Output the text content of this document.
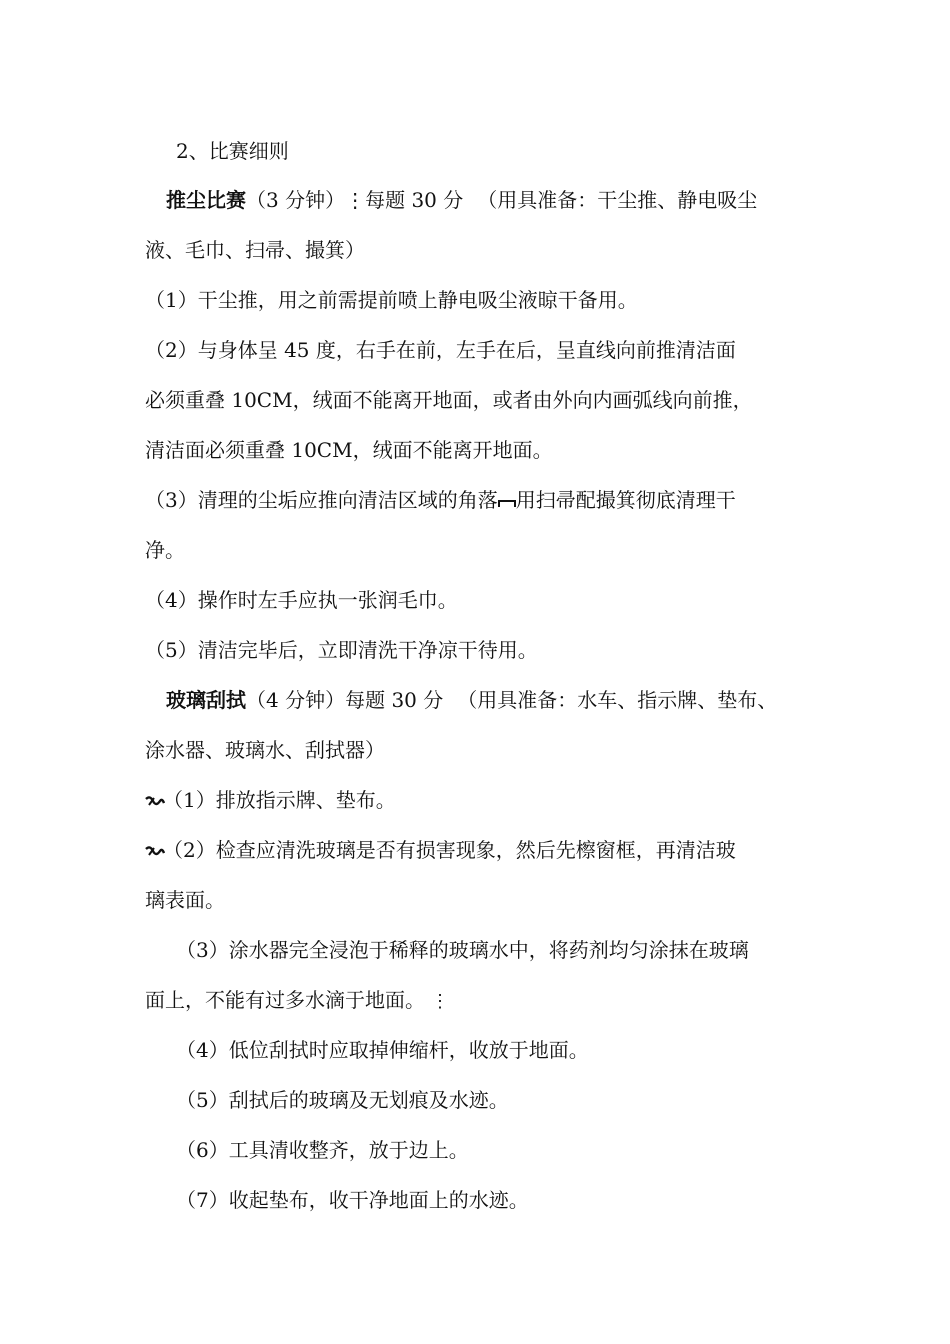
2、比赛细则
推尘比赛（3 分钟）⋮每题 30 分 （用具准备：干尘推、静电吸尘
液、毛巾、扫帚、撮箕）
（1）干尘推，用之前需提前喷上静电吸尘液晾干备用。
（2）与身体呈 45 度，右手在前，左手在后，呈直线向前推清洁面
必须重叠 10CM，绒面不能离开地面，或者由外向内画弧线向前推，
清洁面必须重叠 10CM，绒面不能离开地面。
（3）清理的尘垢应推向清洁区域的角落 用扫帚配撮箕彻底清理干
净。
（4）操作时左手应执一张润毛巾。
（5）清洁完毕后，立即清洗干净凉干待用。
玻璃刮拭（4 分钟）每题 30 分 （用具准备：水车、指示牌、垫布、
涂水器、玻璃水、刮拭器）
（1）排放指示牌、垫布。
（2）检查应清洗玻璃是否有损害现象，然后先檫窗框，再清洁玻
璃表面。
（3）涂水器完全浸泡于稀释的玻璃水中，将药剂均匀涂抹在玻璃
面上，不能有过多水滴于地面。 ⋮
（4）低位刮拭时应取掉伸缩杆，收放于地面。
（5）刮拭后的玻璃及无划痕及水迹。
（6）工具清收整齐，放于边上。
（7）收起垫布，收干净地面上的水迹。
